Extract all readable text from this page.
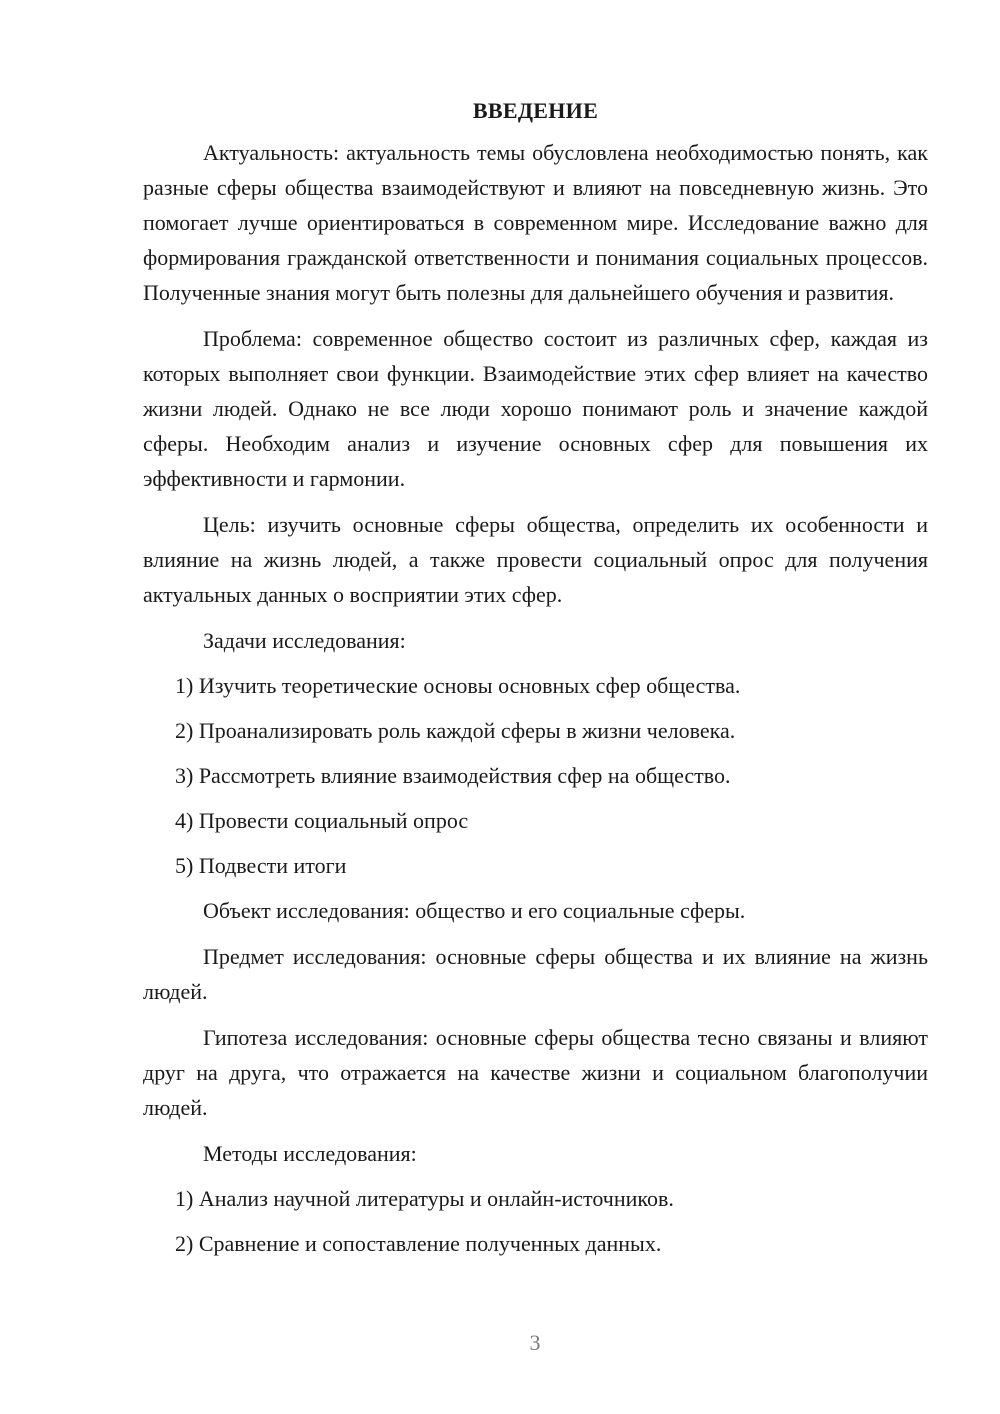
ВВЕДЕНИЕ

Актуальность: актуальность темы обусловлена необходимостью понять, как разные сферы общества взаимодействуют и влияют на повседневную жизнь. Это помогает лучше ориентироваться в современном мире. Исследование важно для формирования гражданской ответственности и понимания социальных процессов. Полученные знания могут быть полезны для дальнейшего обучения и развития.

Проблема: современное общество состоит из различных сфер, каждая из которых выполняет свои функции. Взаимодействие этих сфер влияет на качество жизни людей. Однако не все люди хорошо понимают роль и значение каждой сферы. Необходим анализ и изучение основных сфер для повышения их эффективности и гармонии.

Цель: изучить основные сферы общества, определить их особенности и влияние на жизнь людей, а также провести социальный опрос для получения актуальных данных о восприятии этих сфер.

Задачи исследования:
1) Изучить теоретические основы основных сфер общества.
2) Проанализировать роль каждой сферы в жизни человека.
3) Рассмотреть влияние взаимодействия сфер на общество.
4) Провести социальный опрос
5) Подвести итоги

Объект исследования: общество и его социальные сферы.

Предмет исследования: основные сферы общества и их влияние на жизнь людей.

Гипотеза исследования: основные сферы общества тесно связаны и влияют друг на друга, что отражается на качестве жизни и социальном благополучии людей.

Методы исследования:
1) Анализ научной литературы и онлайн-источников.
2) Сравнение и сопоставление полученных данных.
3
